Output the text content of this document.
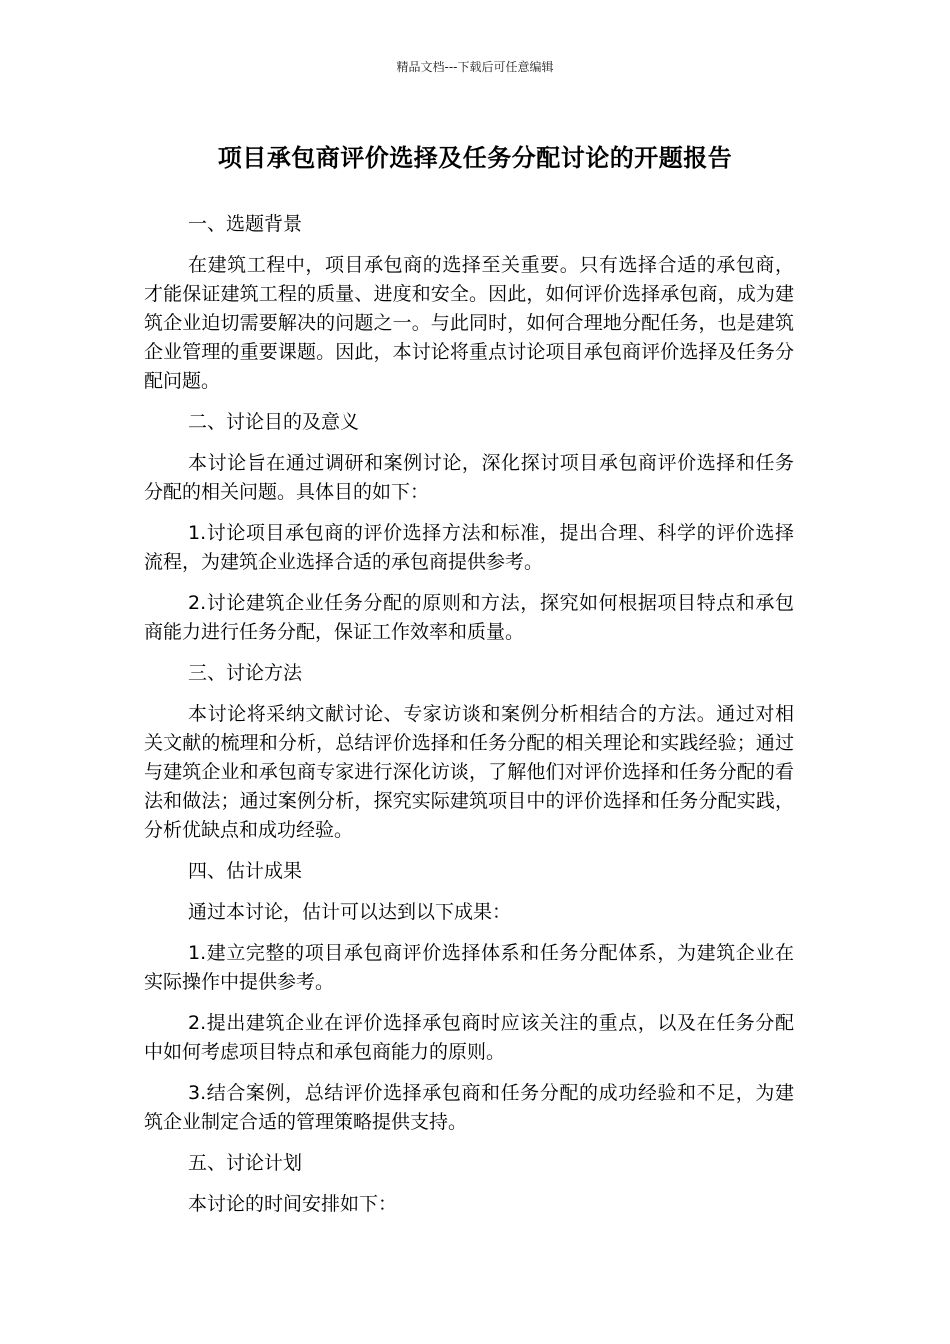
精品文档---下载后可任意编辑
项目承包商评价选择及任务分配讨论的开题报告
一、选题背景
在建筑工程中，项目承包商的选择至关重要。只有选择合适的承包商，才能保证建筑工程的质量、进度和安全。因此，如何评价选择承包商，成为建筑企业迫切需要解决的问题之一。与此同时，如何合理地分配任务，也是建筑企业管理的重要课题。因此，本讨论将重点讨论项目承包商评价选择及任务分配问题。
二、讨论目的及意义
本讨论旨在通过调研和案例讨论，深化探讨项目承包商评价选择和任务分配的相关问题。具体目的如下：
1.讨论项目承包商的评价选择方法和标准，提出合理、科学的评价选择流程，为建筑企业选择合适的承包商提供参考。
2.讨论建筑企业任务分配的原则和方法，探究如何根据项目特点和承包商能力进行任务分配，保证工作效率和质量。
三、讨论方法
本讨论将采纳文献讨论、专家访谈和案例分析相结合的方法。通过对相关文献的梳理和分析，总结评价选择和任务分配的相关理论和实践经验；通过与建筑企业和承包商专家进行深化访谈，了解他们对评价选择和任务分配的看法和做法；通过案例分析，探究实际建筑项目中的评价选择和任务分配实践，分析优缺点和成功经验。
四、估计成果
通过本讨论，估计可以达到以下成果：
1.建立完整的项目承包商评价选择体系和任务分配体系，为建筑企业在实际操作中提供参考。
2.提出建筑企业在评价选择承包商时应该关注的重点，以及在任务分配中如何考虑项目特点和承包商能力的原则。
3.结合案例，总结评价选择承包商和任务分配的成功经验和不足，为建筑企业制定合适的管理策略提供支持。
五、讨论计划
本讨论的时间安排如下：
